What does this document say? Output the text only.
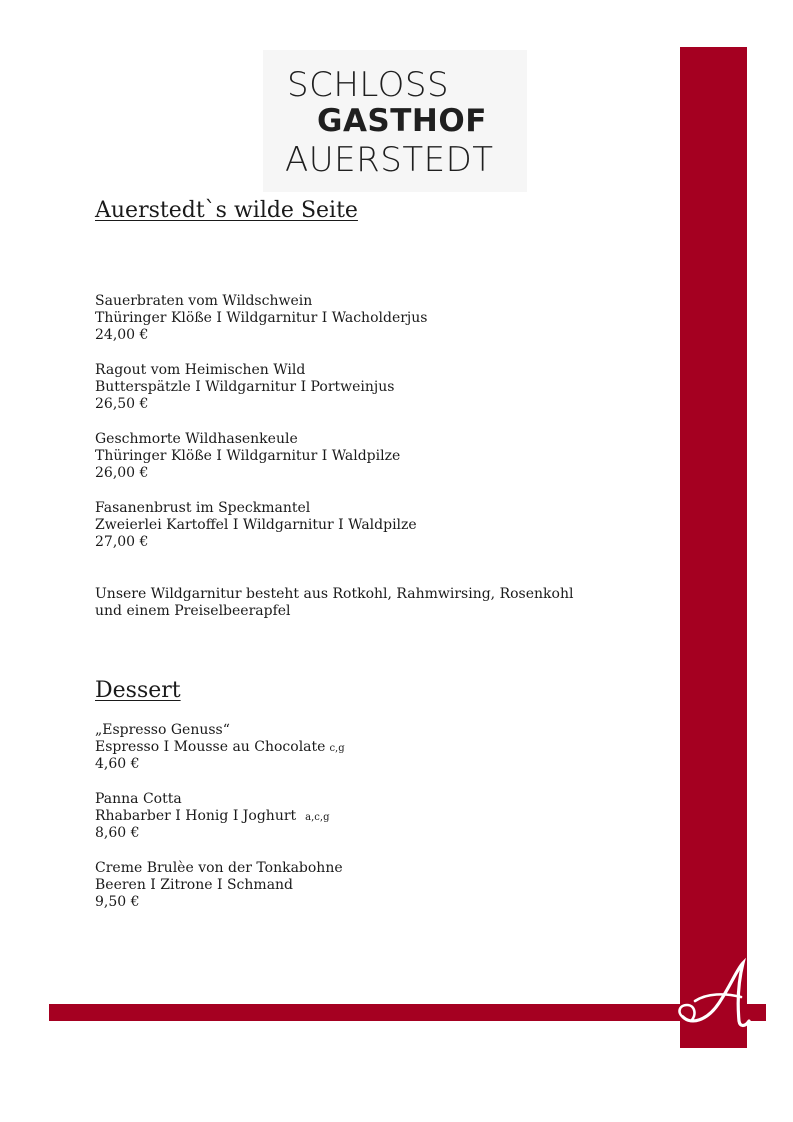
SCHLOSS
GASTHOF
AUERSTEDT
Auerstedt`s wilde Seite
Sauerbraten vom Wildschwein
Thüringer Klöße I Wildgarnitur I Wacholderjus
24,00 €
Ragout vom Heimischen Wild
Butterspätzle I Wildgarnitur I Portweinjus
26,50 €
Geschmorte Wildhasenkeule
Thüringer Klöße I Wildgarnitur I Waldpilze
26,00 €
Fasanenbrust im Speckmantel
Zweierlei Kartoffel I Wildgarnitur I Waldpilze
27,00 €
Unsere Wildgarnitur besteht aus Rotkohl, Rahmwirsing, Rosenkohl
und einem Preiselbeerapfel
Dessert
„Espresso Genuss“
Espresso I Mousse au Chocolate c,g
4,60 €
Panna Cotta
Rhabarber I Honig I Joghurt a,c,g
8,60 €
Creme Brulèe von der Tonkabohne
Beeren I Zitrone I Schmand
9,50 €
